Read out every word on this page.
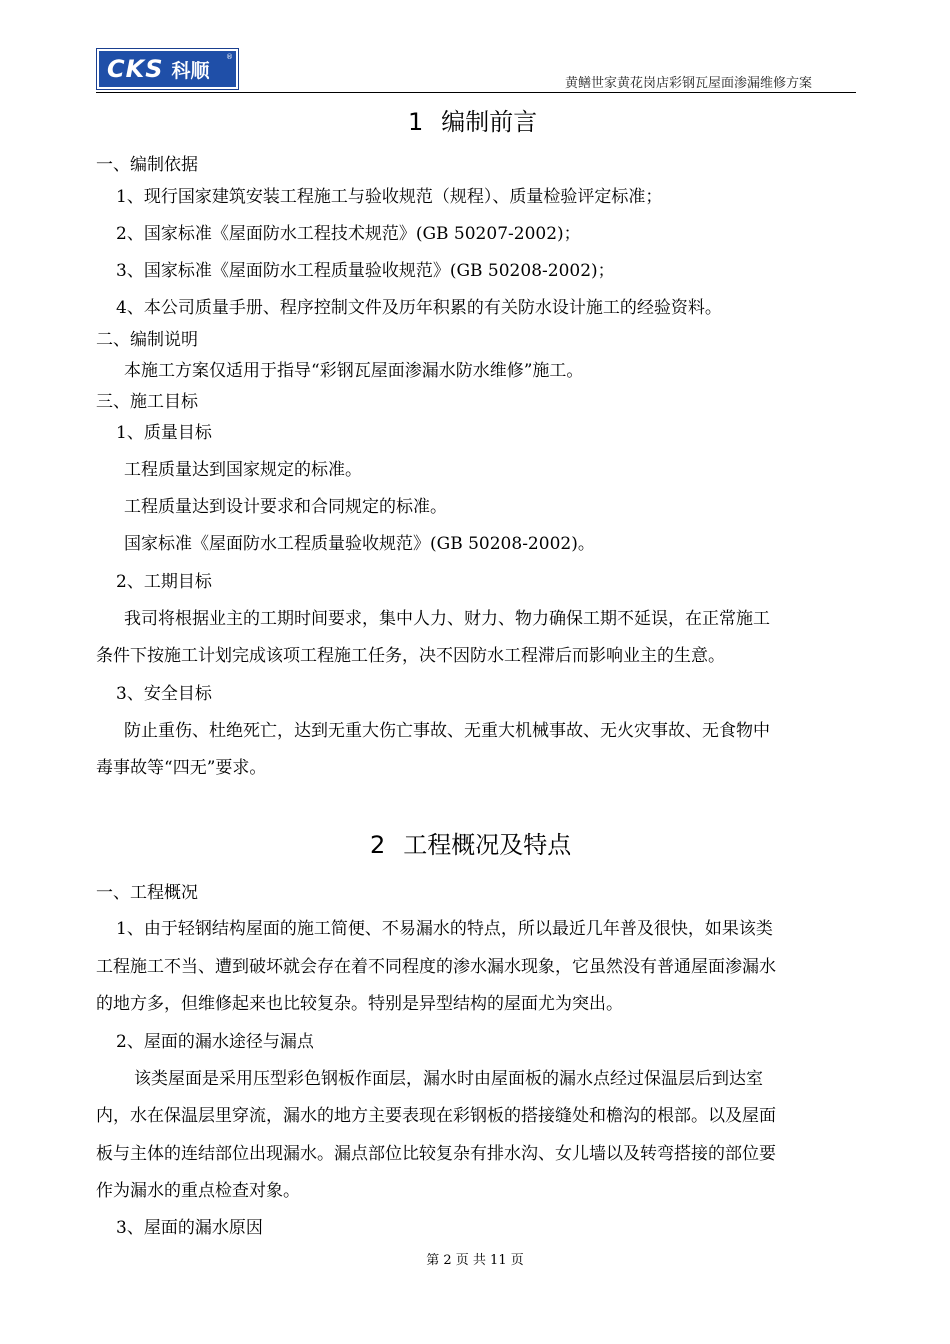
CKS 科顺
®
黄鳝世家黄花岗店彩钢瓦屋面渗漏维修方案
1 编制前言
一、编制依据
1、现行国家建筑安装工程施工与验收规范（规程）、质量检验评定标准；
2、国家标准《屋面防水工程技术规范》(GB 50207-2002)；
3、国家标准《屋面防水工程质量验收规范》(GB 50208-2002)；
4、本公司质量手册、程序控制文件及历年积累的有关防水设计施工的经验资料。
二、编制说明
本施工方案仅适用于指导“彩钢瓦屋面渗漏水防水维修”施工。
三、施工目标
1、质量目标
工程质量达到国家规定的标准。
工程质量达到设计要求和合同规定的标准。
国家标准《屋面防水工程质量验收规范》(GB 50208-2002)。
2、工期目标
我司将根据业主的工期时间要求，集中人力、财力、物力确保工期不延误，在正常施工
条件下按施工计划完成该项工程施工任务，决不因防水工程滞后而影响业主的生意。
3、安全目标
防止重伤、杜绝死亡，达到无重大伤亡事故、无重大机械事故、无火灾事故、无食物中
毒事故等“四无”要求。
2 工程概况及特点
一、工程概况
1、由于轻钢结构屋面的施工简便、不易漏水的特点，所以最近几年普及很快，如果该类
工程施工不当、遭到破坏就会存在着不同程度的渗水漏水现象，它虽然没有普通屋面渗漏水
的地方多，但维修起来也比较复杂。特别是异型结构的屋面尤为突出。
2、屋面的漏水途径与漏点
该类屋面是采用压型彩色钢板作面层，漏水时由屋面板的漏水点经过保温层后到达室
内，水在保温层里穿流，漏水的地方主要表现在彩钢板的搭接缝处和檐沟的根部。以及屋面
板与主体的连结部位出现漏水。漏点部位比较复杂有排水沟、女儿墙以及转弯搭接的部位要
作为漏水的重点检查对象。
3、屋面的漏水原因
第 2 页 共 11 页
